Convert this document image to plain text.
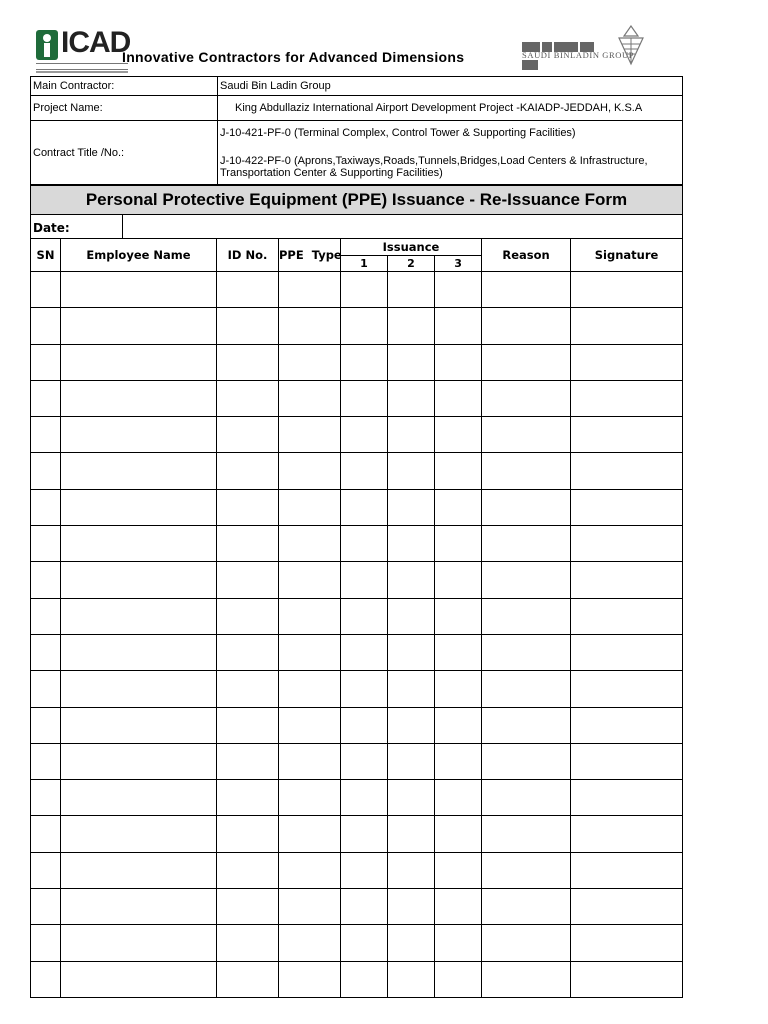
ICAD
Innovative Contractors for Advanced Dimensions	SAUDI BINLADIN GROUP
Main Contractor:	Saudi Bin Ladin Group
Project Name:	King Abdullaziz International Airport Development Project -KAIADP-JEDDAH, K.S.A
Contract Title /No.:	J-10-421-PF-0 (Terminal Complex, Control Tower & Supporting Facilities)
J-10-422-PF-0 (Aprons,Taxiways,Roads,Tunnels,Bridges,Load Centers & Infrastructure,
Transportation Center & Supporting Facilities)
Personal Protective Equipment (PPE) Issuance - Re-Issuance Form
Date:
SN	Employee Name	ID No.	PPE  Type	Issuance			Reason	Signature
				1	2	3		
